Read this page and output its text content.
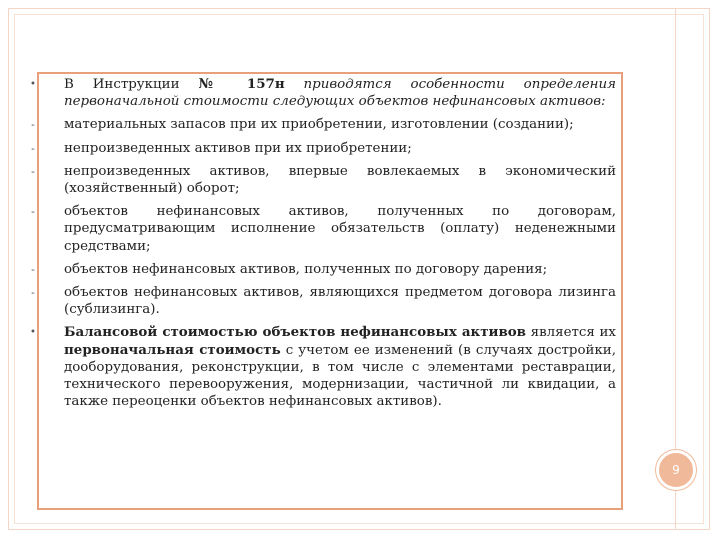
• В Инструкции № 157н приводятся особенности определения первоначальной стоимости следующих объектов нефинансовых активов:
- материальных запасов при их приобретении, изготовлении (создании);
- непроизведенных активов при их приобретении;
- непроизведенных активов, впервые вовлекаемых в экономический (хозяйственный) оборот;
- объектов нефинансовых активов, полученных по договорам, предусматривающим исполнение обязательств (оплату) неденежными средствами;
- объектов нефинансовых активов, полученных по договору дарения;
- объектов нефинансовых активов, являющихся предметом договора лизинга (сублизинга).
• Балансовой стоимостью объектов нефинансовых активов является их первоначальная стоимость с учетом ее изменений (в случаях достройки, дооборудования, реконструкции, в том числе с элементами реставрации, технического перевооружения, модернизации, частичной ли квидации, а также переоценки объектов нефинансовых активов).
9
